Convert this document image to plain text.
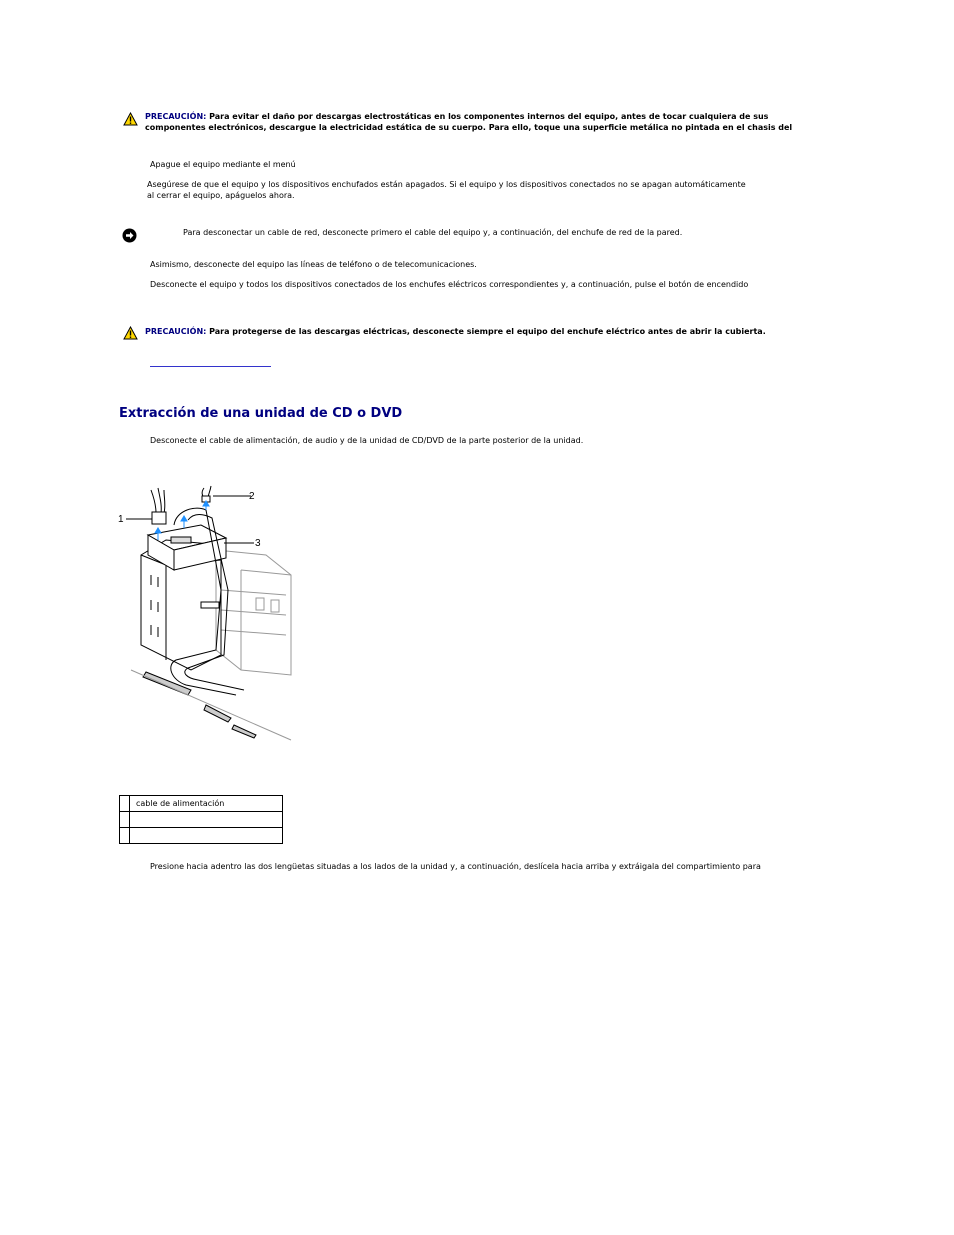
PRECAUCIÓN: Para evitar el daño por descargas electrostáticas en los componentes internos del equipo, antes de tocar cualquiera de sus
componentes electrónicos, descargue la electricidad estática de su cuerpo. Para ello, toque una superficie metálica no pintada en el chasis del
Apague el equipo mediante el menú
Asegúrese de que el equipo y los dispositivos enchufados están apagados. Si el equipo y los dispositivos conectados no se apagan automáticamente
al cerrar el equipo, apáguelos ahora.
Para desconectar un cable de red, desconecte primero el cable del equipo y, a continuación, del enchufe de red de la pared.
Asimismo, desconecte del equipo las líneas de teléfono o de telecomunicaciones.
Desconecte el equipo y todos los dispositivos conectados de los enchufes eléctricos correspondientes y, a continuación, pulse el botón de encendido
PRECAUCIÓN: Para protegerse de las descargas eléctricas, desconecte siempre el equipo del enchufe eléctrico antes de abrir la cubierta.
Extracción de una unidad de CD o DVD
Desconecte el cable de alimentación, de audio y de la unidad de CD/DVD de la parte posterior de la unidad.
1
2
3
	cable de alimentación

Presione hacia adentro las dos lengüetas situadas a los lados de la unidad y, a continuación, deslícela hacia arriba y extráigala del compartimiento para
